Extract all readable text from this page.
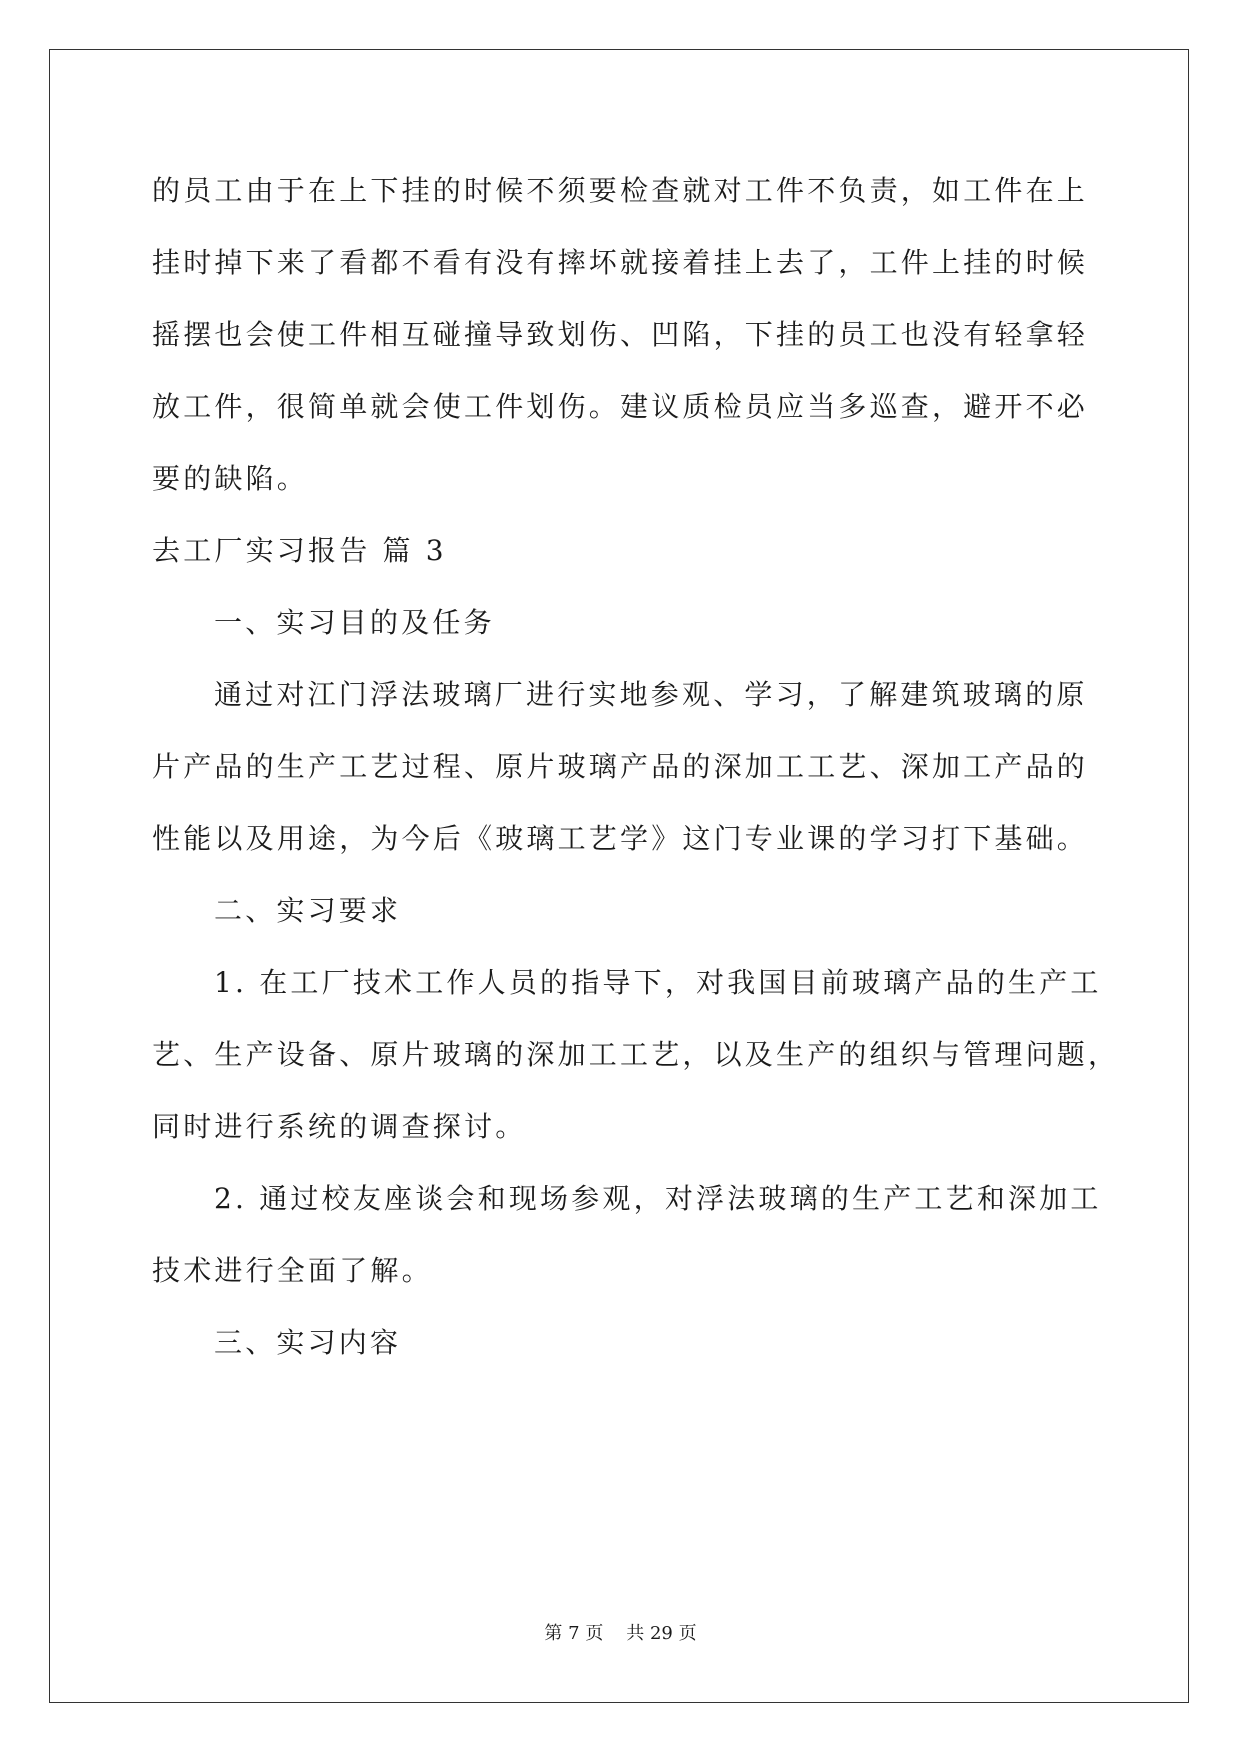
的员工由于在上下挂的时候不须要检查就对工件不负责，如工件在上
挂时掉下来了看都不看有没有摔坏就接着挂上去了，工件上挂的时候
摇摆也会使工件相互碰撞导致划伤、凹陷，下挂的员工也没有轻拿轻
放工件，很简单就会使工件划伤。建议质检员应当多巡查，避开不必
要的缺陷。
去工厂实习报告 篇 3
一、实习目的及任务
通过对江门浮法玻璃厂进行实地参观、学习，了解建筑玻璃的原
片产品的生产工艺过程、原片玻璃产品的深加工工艺、深加工产品的
性能以及用途，为今后《玻璃工艺学》这门专业课的学习打下基础。
二、实习要求
1. 在工厂技术工作人员的指导下，对我国目前玻璃产品的生产工
艺、生产设备、原片玻璃的深加工工艺，以及生产的组织与管理问题，
同时进行系统的调查探讨。
2. 通过校友座谈会和现场参观，对浮法玻璃的生产工艺和深加工
技术进行全面了解。
三、实习内容
第 7 页 共 29 页
